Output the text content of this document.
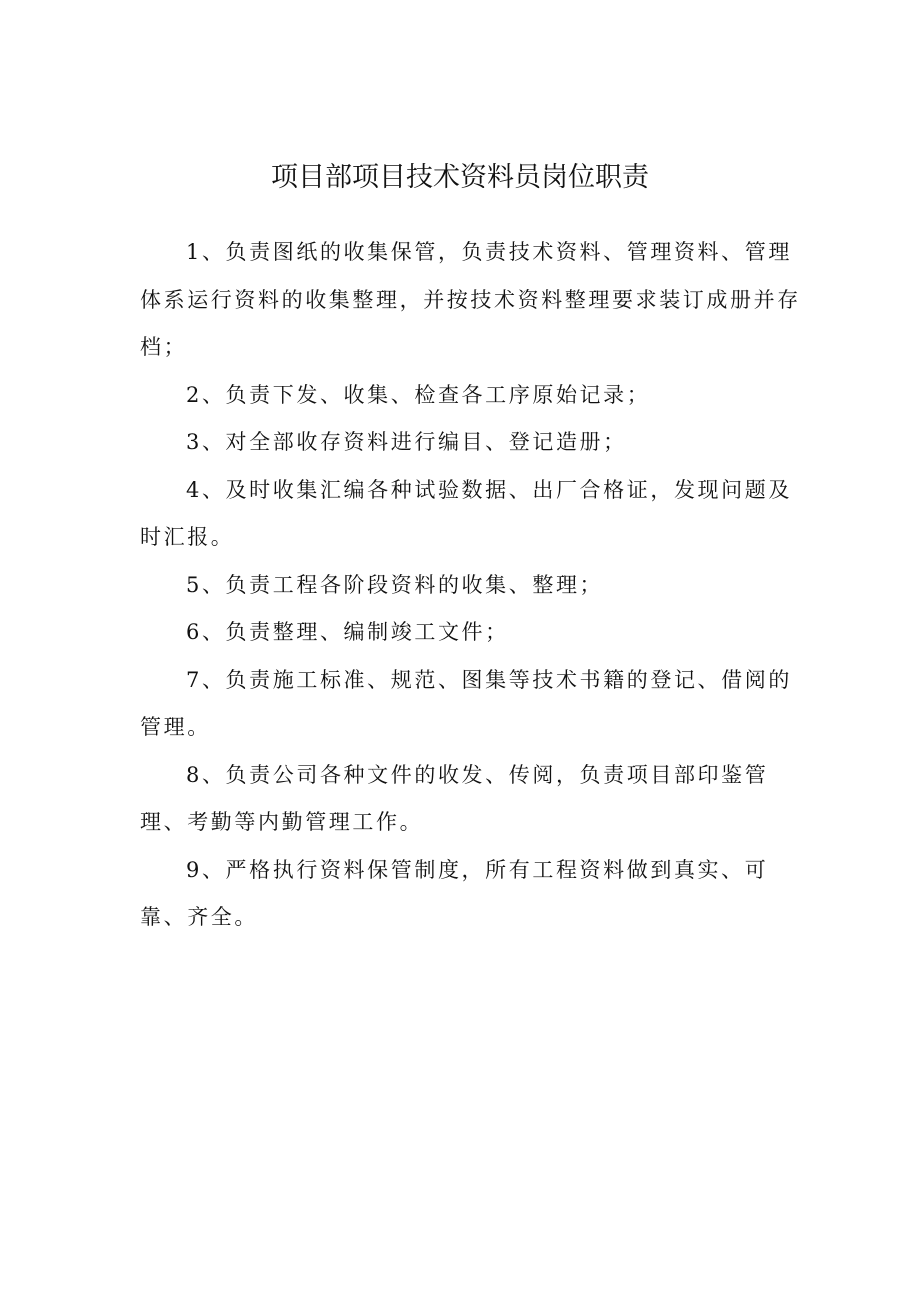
项目部项目技术资料员岗位职责

1、负责图纸的收集保管，负责技术资料、管理资料、管理体系运行资料的收集整理，并按技术资料整理要求装订成册并存档；

2、负责下发、收集、检查各工序原始记录；

3、对全部收存资料进行编目、登记造册；

4、及时收集汇编各种试验数据、出厂合格证，发现问题及时汇报。

5、负责工程各阶段资料的收集、整理；

6、负责整理、编制竣工文件；

7、负责施工标准、规范、图集等技术书籍的登记、借阅的管理。

8、负责公司各种文件的收发、传阅，负责项目部印鉴管理、考勤等内勤管理工作。

9、严格执行资料保管制度，所有工程资料做到真实、可靠、齐全。
